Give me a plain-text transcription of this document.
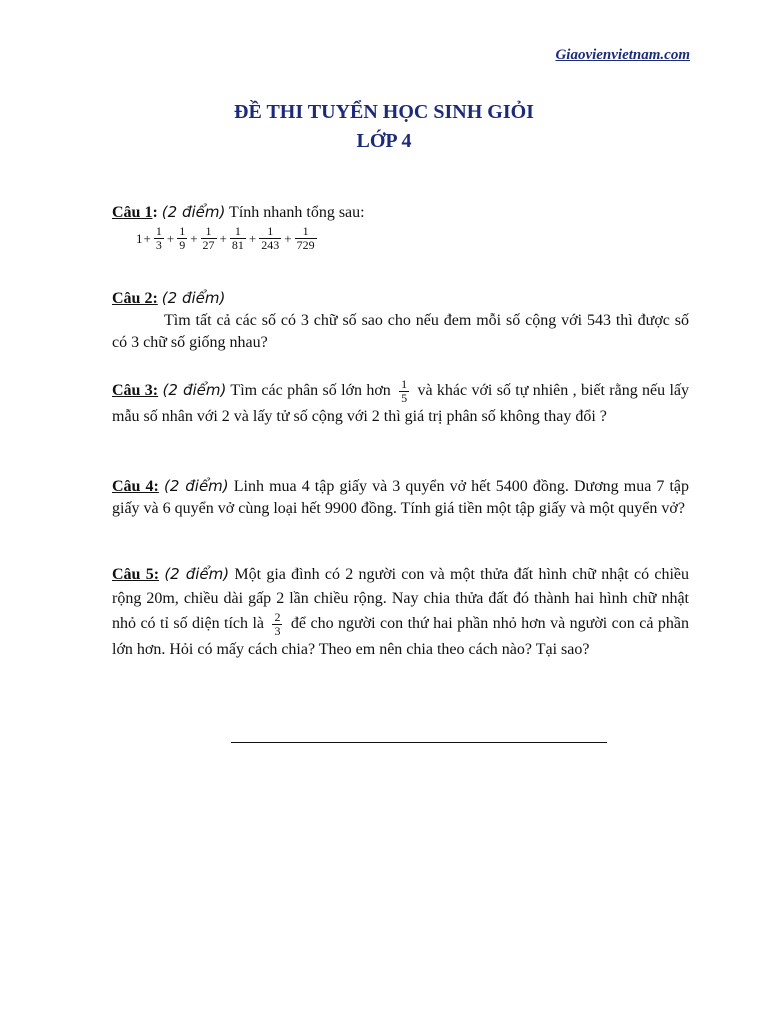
Giaovienvietnam.com
ĐỀ THI TUYỂN HỌC SINH GIỎI
LỚP 4
Câu 1: (2 điểm) Tính nhanh tổng sau:
$1 + \frac{1}{3} + \frac{1}{9} + \frac{1}{27} + \frac{1}{81} + \frac{1}{243} + \frac{1}{729}$
Câu 2: (2 điểm)
Tìm tất cả các số có 3 chữ số sao cho nếu đem mỗi số cộng với 543 thì được số có 3 chữ số giống nhau?
Câu 3: (2 điểm) Tìm các phân số lớn hơn $\frac{1}{5}$ và khác với số tự nhiên , biết rằng nếu lấy mẫu số nhân với 2 và lấy tử số cộng với 2 thì giá trị phân số không thay đổi ?
Câu 4: (2 điểm) Linh mua 4 tập giấy và 3 quyển vở hết 5400 đồng. Dương mua 7 tập giấy và 6 quyển vở cùng loại hết 9900 đồng. Tính giá tiền một tập giấy và một quyển vở?
Câu 5: (2 điểm) Một gia đình có 2 người con và một thửa đất hình chữ nhật có chiều rộng 20m, chiều dài gấp 2 lần chiều rộng. Nay chia thửa đất đó thành hai hình chữ nhật nhỏ có tỉ số diện tích là $\frac{2}{3}$ để cho người con thứ hai phần nhỏ hơn và người con cả phần lớn hơn. Hỏi có mấy cách chia? Theo em nên chia theo cách nào? Tại sao?
